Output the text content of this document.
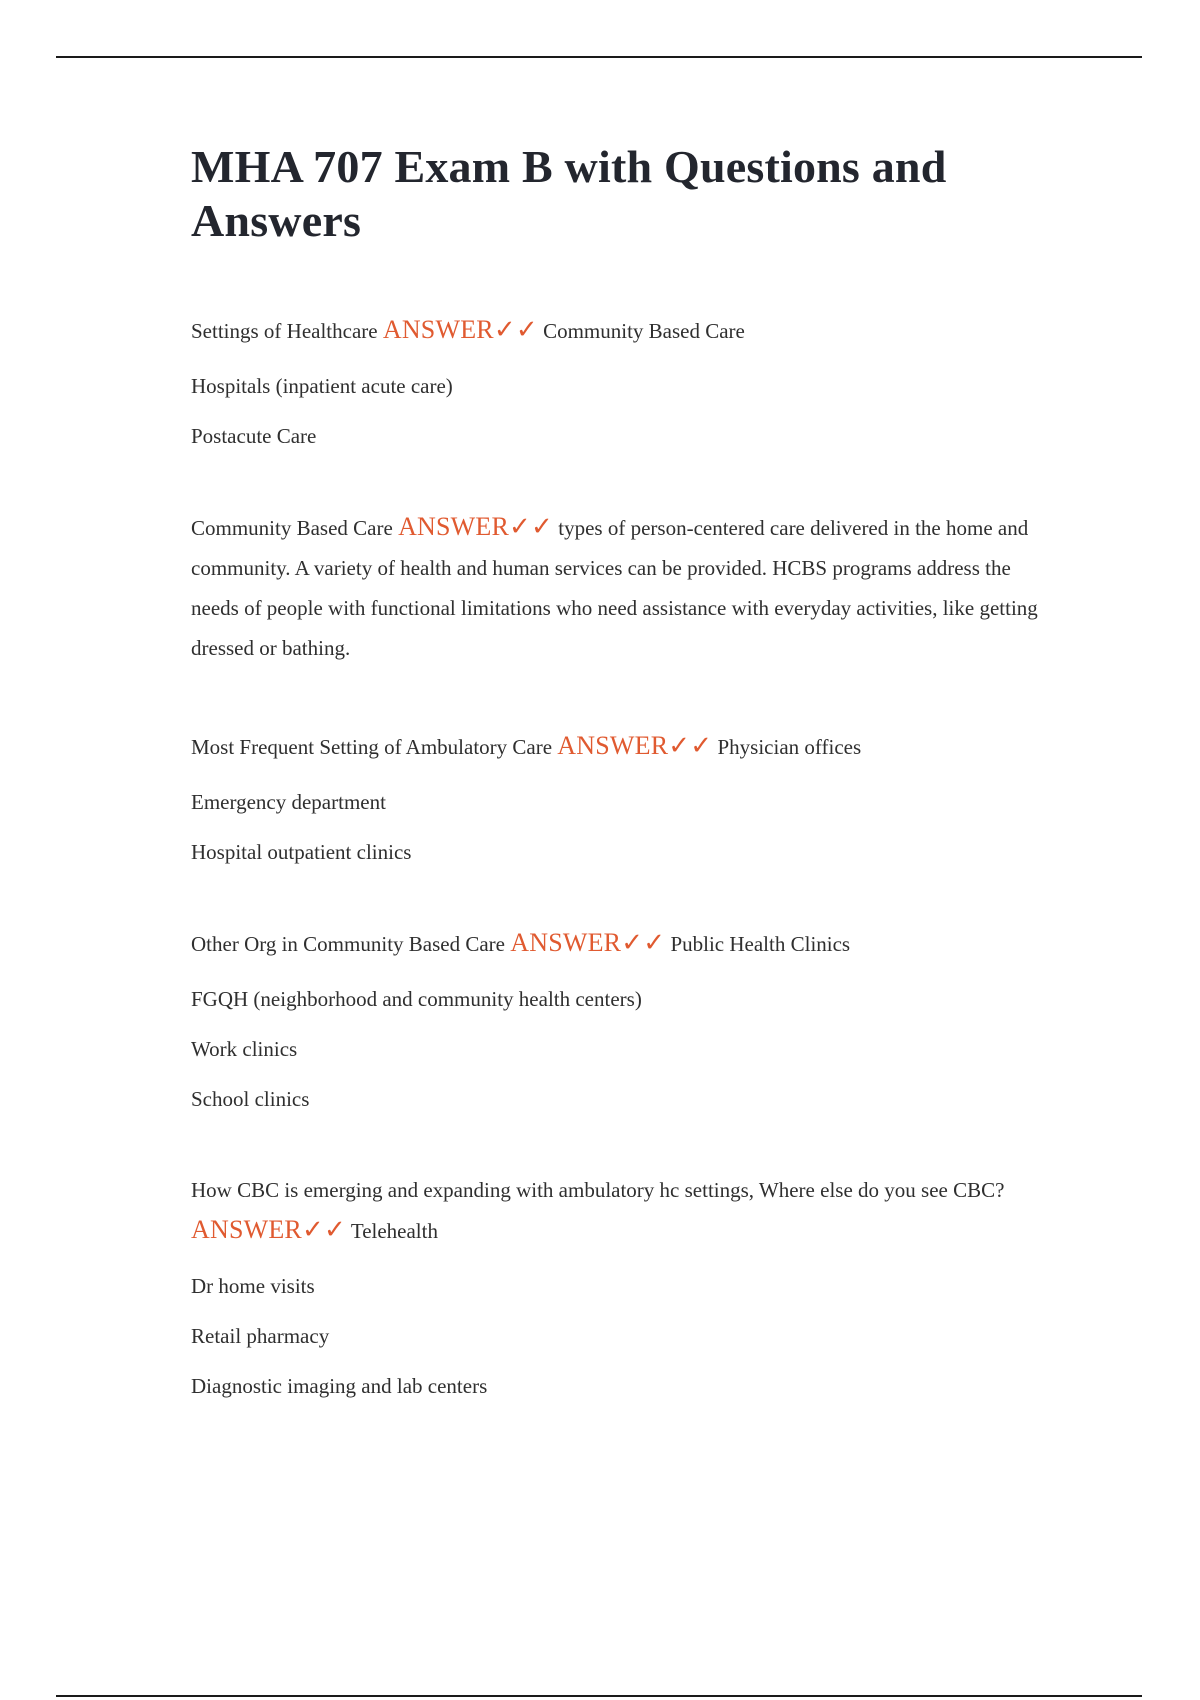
MHA 707 Exam B with Questions and Answers
Settings of Healthcare ANSWER✓✓ Community Based Care
Hospitals (inpatient acute care)
Postacute Care
Community Based Care ANSWER✓✓ types of person-centered care delivered in the home and community. A variety of health and human services can be provided. HCBS programs address the needs of people with functional limitations who need assistance with everyday activities, like getting dressed or bathing.
Most Frequent Setting of Ambulatory Care ANSWER✓✓ Physician offices
Emergency department
Hospital outpatient clinics
Other Org in Community Based Care ANSWER✓✓ Public Health Clinics
FGQH (neighborhood and community health centers)
Work clinics
School clinics
How CBC is emerging and expanding with ambulatory hc settings, Where else do you see CBC? ANSWER✓✓ Telehealth
Dr home visits
Retail pharmacy
Diagnostic imaging and lab centers
